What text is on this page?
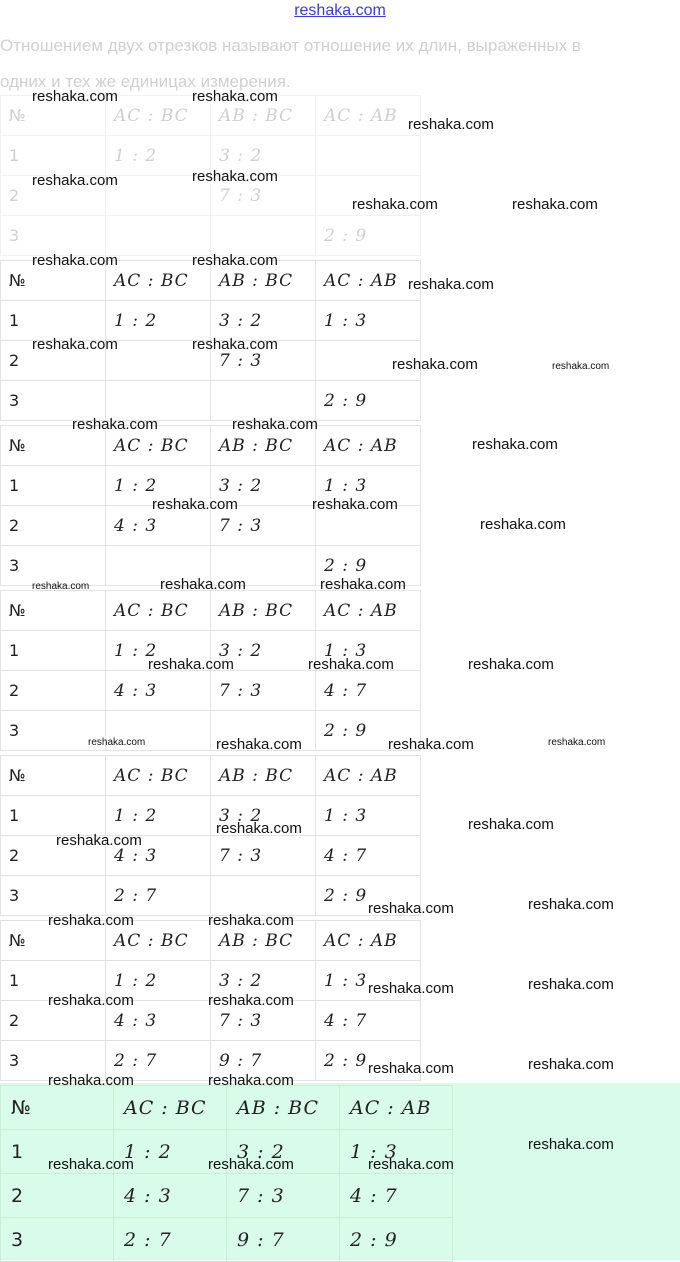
reshaka.com
Отношением двух отрезков называют отношение их длин, выраженных в
одних и тех же единицах измерения.
№	AC : BC	AB : BC	AC : AB
1	1 : 2	3 : 2	
2		7 : 3	
3			2 : 9
№	AC : BC	AB : BC	AC : AB
1	1 : 2	3 : 2	1 : 3
2		7 : 3	
3			2 : 9
№	AC : BC	AB : BC	AC : AB
1	1 : 2	3 : 2	1 : 3
2	4 : 3	7 : 3	
3			2 : 9
№	AC : BC	AB : BC	AC : AB
1	1 : 2	3 : 2	1 : 3
2	4 : 3	7 : 3	4 : 7
3			2 : 9
№	AC : BC	AB : BC	AC : AB
1	1 : 2	3 : 2	1 : 3
2	4 : 3	7 : 3	4 : 7
3	2 : 7		2 : 9
№	AC : BC	AB : BC	AC : AB
1	1 : 2	3 : 2	1 : 3
2	4 : 3	7 : 3	4 : 7
3	2 : 7	9 : 7	2 : 9
№	AC : BC	AB : BC	AC : AB
1	1 : 2	3 : 2	1 : 3
2	4 : 3	7 : 3	4 : 7
3	2 : 7	9 : 7	2 : 9
reshaka.com	reshaka.com
reshaka.com
reshaka.com	reshaka.com
reshaka.com	reshaka.com
reshaka.com	reshaka.com
reshaka.com
reshaka.com	reshaka.com
reshaka.com	reshaka.com
reshaka.com	reshaka.com
reshaka.com
reshaka.com	reshaka.com
reshaka.com
reshaka.com	reshaka.com	reshaka.com
reshaka.com	reshaka.com	reshaka.com
reshaka.com	reshaka.com	reshaka.com	reshaka.com
reshaka.com
reshaka.com
reshaka.com
reshaka.com	reshaka.com
reshaka.com	reshaka.com
reshaka.com	reshaka.com
reshaka.com	reshaka.com
reshaka.com	reshaka.com
reshaka.com	reshaka.com
reshaka.com
reshaka.com	reshaka.com	reshaka.com
